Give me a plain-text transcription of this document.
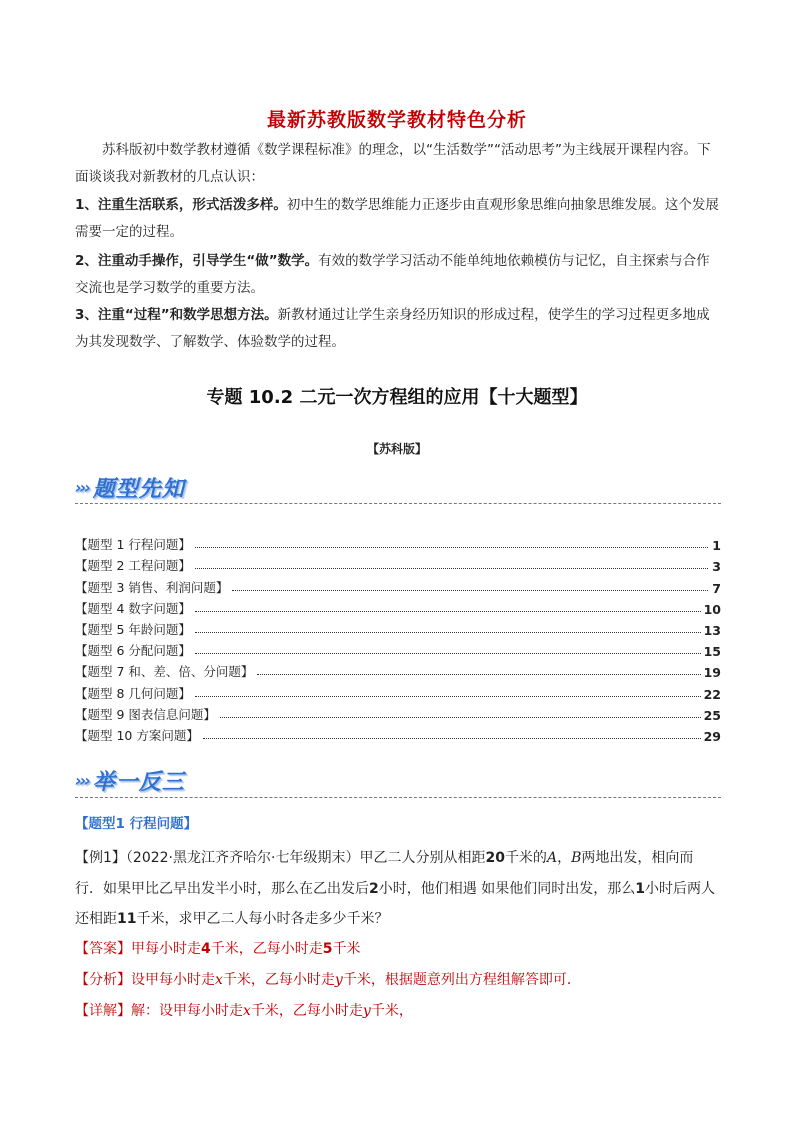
最新苏教版数学教材特色分析
苏科版初中数学教材遵循《数学课程标准》的理念，以“生活数学”“活动思考”为主线展开课程内容。下面谈谈我对新教材的几点认识：
1、注重生活联系，形式活泼多样。初中生的数学思维能力正逐步由直观形象思维向抽象思维发展。这个发展需要一定的过程。
2、注重动手操作，引导学生“做”数学。有效的数学学习活动不能单纯地依赖模仿与记忆，自主探索与合作交流也是学习数学的重要方法。
3、注重“过程”和数学思想方法。新教材通过让学生亲身经历知识的形成过程，使学生的学习过程更多地成为其发现数学、了解数学、体验数学的过程。
专题 10.2 二元一次方程组的应用【十大题型】
【苏科版】
››› 题型先知
【题型 1 行程问题】	1
【题型 2 工程问题】	3
【题型 3 销售、利润问题】	7
【题型 4 数字问题】	10
【题型 5 年龄问题】	13
【题型 6 分配问题】	15
【题型 7 和、差、倍、分问题】	19
【题型 8 几何问题】	22
【题型 9 图表信息问题】	25
【题型 10 方案问题】	29
››› 举一反三
【题型1 行程问题】
【例1】（2022·黑龙江齐齐哈尔·七年级期末）甲乙二人分别从相距20千米的A，B两地出发，相向而行．如果甲比乙早出发半小时，那么在乙出发后2小时，他们相遇 如果他们同时出发，那么1小时后两人还相距11千米，求甲乙二人每小时各走多少千米？
【答案】甲每小时走4千米，乙每小时走5千米
【分析】设甲每小时走x千米，乙每小时走y千米，根据题意列出方程组解答即可．
【详解】解：设甲每小时走x千米，乙每小时走y千米，
